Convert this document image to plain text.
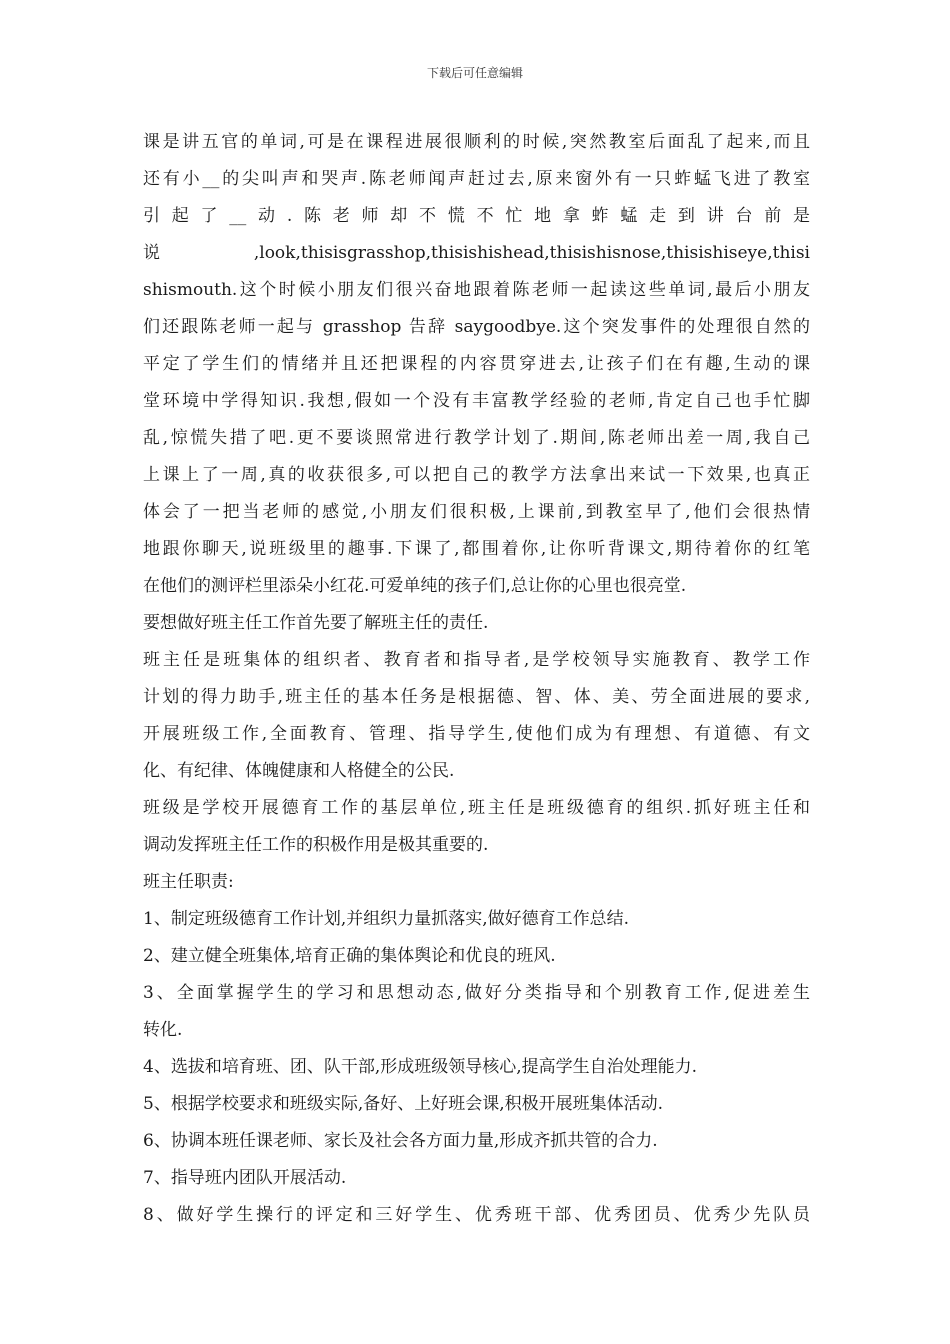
下载后可任意编辑
课是讲五官的单词,可是在课程进展很顺利的时候,突然教室后面乱了起来,而且
还有小__的尖叫声和哭声.陈老师闻声赶过去,原来窗外有一只蚱蜢飞进了教室
引起了__动.陈老师却不慌不忙地拿蚱蜢走到讲台前是
说,look,thisisgrasshop,thisishishead,thisishisnose,thisishiseye,thisi
shismouth.这个时候小朋友们很兴奋地跟着陈老师一起读这些单词,最后小朋友
们还跟陈老师一起与 grasshop 告辞 saygoodbye.这个突发事件的处理很自然的
平定了学生们的情绪并且还把课程的内容贯穿进去,让孩子们在有趣,生动的课
堂环境中学得知识.我想,假如一个没有丰富教学经验的老师,肯定自己也手忙脚
乱,惊慌失措了吧.更不要谈照常进行教学计划了.期间,陈老师出差一周,我自己
上课上了一周,真的收获很多,可以把自己的教学方法拿出来试一下效果,也真正
体会了一把当老师的感觉,小朋友们很积极,上课前,到教室早了,他们会很热情
地跟你聊天,说班级里的趣事.下课了,都围着你,让你听背课文,期待着你的红笔
在他们的测评栏里添朵小红花.可爱单纯的孩子们,总让你的心里也很亮堂.
要想做好班主任工作首先要了解班主任的责任.
班主任是班集体的组织者、教育者和指导者,是学校领导实施教育、教学工作
计划的得力助手,班主任的基本任务是根据德、智、体、美、劳全面进展的要求,
开展班级工作,全面教育、管理、指导学生,使他们成为有理想、有道德、有文
化、有纪律、体魄健康和人格健全的公民.
班级是学校开展德育工作的基层单位,班主任是班级德育的组织.抓好班主任和
调动发挥班主任工作的积极作用是极其重要的.
班主任职责:
1、制定班级德育工作计划,并组织力量抓落实,做好德育工作总结.
2、建立健全班集体,培育正确的集体舆论和优良的班风.
3、全面掌握学生的学习和思想动态,做好分类指导和个别教育工作,促进差生
转化.
4、选拔和培育班、团、队干部,形成班级领导核心,提高学生自治处理能力.
5、根据学校要求和班级实际,备好、上好班会课,积极开展班集体活动.
6、协调本班任课老师、家长及社会各方面力量,形成齐抓共管的合力.
7、指导班内团队开展活动.
8、做好学生操行的评定和三好学生、优秀班干部、优秀团员、优秀少先队员
